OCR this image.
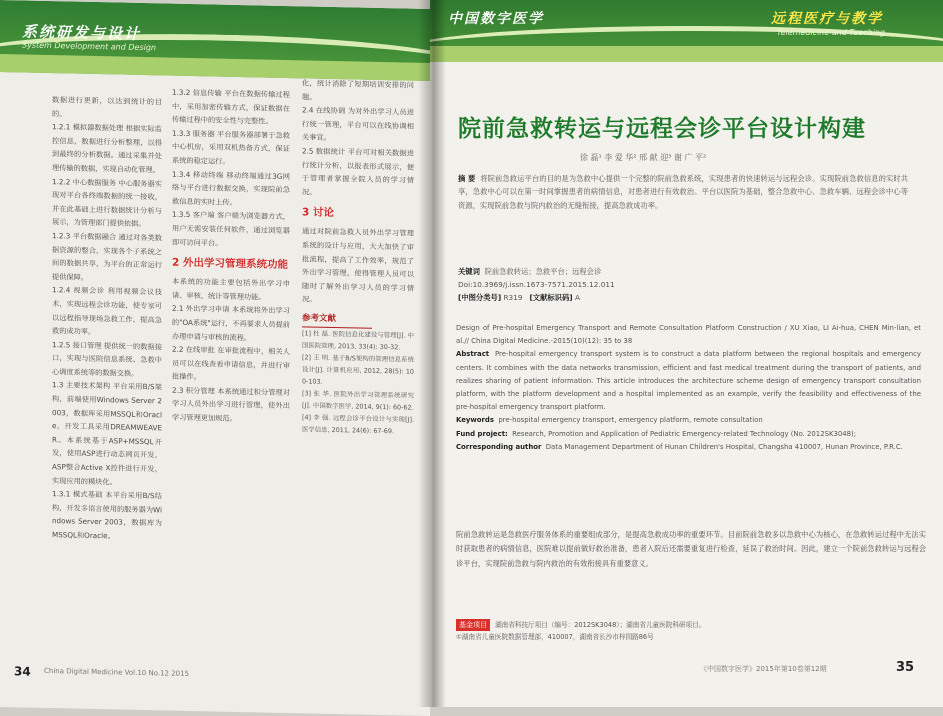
系统研发与设计
System Development and Design

数据进行更新，以达到统计的目的。

1.2.1 模拟器数据处理 根据实际监控信息，数据进行分析整理，以得到最终的分析数据。通过采集并处理传输的数据，实现自动化管理。

1.2.2 中心数据服务 中心服务器实现对平台各终端数据的统一接收，并在此基础上进行数据统计分析与展示，为管理部门提供依据。

1.2.3 平台数据融合 通过对各类数据资源的整合，实现各个子系统之间的数据共享，为平台的正常运行提供保障。

1.2.4 视频会诊 利用视频会议技术，实现远程会诊功能，使专家可以远程指导现场急救工作，提高急救的成功率。

1.2.5 接口管理 提供统一的数据接口，实现与医院信息系统、急救中心调度系统等的数据交换。

1.3 主要技术架构 平台采用B/S架构，前端使用Windows Server 2003，数据库采用MSSQL和Oracle，开发工具采用DREAMWEAVER。本系统基于ASP+MSSQL开发，使用ASP进行动态网页开发，ASP整合Active X控件进行开发，实现应用的模块化。

1.3.1 模式基础 本平台采用B/S结构，开发多语言使用的服务器为Windows Server 2003，数据库为MSSQL和Oracle。

1.3.2 信息传输 平台在数据传输过程中，采用加密传输方式，保证数据在传输过程中的安全性与完整性。

1.3.3 服务器 平台服务器部署于急救中心机房，采用双机热备方式，保证系统的稳定运行。

1.3.4 移动终端 移动终端通过3G网络与平台进行数据交换，实现院前急救信息的实时上传。

1.3.5 客户端 客户端为浏览器方式，用户无需安装任何软件，通过浏览器即可访问平台。

2 外出学习管理系统功能

本系统的功能主要包括外出学习申请、审核、统计等管理功能。

2.1 外出学习申请 本系统将外出学习的"OA系统"运行，不再要求人员提前办理申请与审核的流程。

2.2 在线审批 在审批流程中，相关人员可以在线查看申请信息，并进行审批操作。

2.3 积分管理 本系统通过积分管理对学习人员外出学习进行管理，使外出学习管理更加规范。

化，统计消除了短期培训安排的问题。

2.4 在线协调 为对外出学习人员进行统一管理，平台可以在线协调相关事宜。

2.5 数据统计 平台可对相关数据进行统计分析，以报表形式展示，便于管理者掌握全院人员的学习情况。

3 讨论

通过对院前急救人员外出学习管理系统的设计与应用，大大加快了审批流程，提高了工作效率，规范了外出学习管理，使得管理人员可以随时了解外出学习人员的学习情况。

参考文献

[1] 杜 磊. 医院信息化建设与管理[J]. 中国医院管理, 2013, 33(4): 30-32.

[2] 王 明. 基于B/S架构的管理信息系统设计[J]. 计算机应用, 2012, 28(5): 100-103.

[3] 张 华. 医院外出学习管理系统研究[J]. 中国数字医学, 2014, 9(1): 60-62.

[4] 李 强. 远程会诊平台设计与实现[J]. 医学信息, 2011, 24(6): 67-69.

34 China Digital Medicine Vol.10 No.12 2015
中国数字医学	远程医疗与教学
Telemedicine and Teaching
院前急救转运与远程会诊平台设计构建
徐 磊¹ 李 爱 华² 邢 献 迎³ 谢 广 平²
摘 要 将院前急救运平台的目的是为急救中心提供一个完整的院前急救系统，实现患者的快速转运与远程会诊。实现院前急救信息的实时共享，急救中心可以在第一时间掌握患者的病情信息，对患者进行有效救治。平台以医院为基础，整合急救中心、急救车辆、远程会诊中心等资源，实现院前急救与院内救治的无缝衔接，提高急救成功率。
关键词 院前急救转运；急救平台；远程会诊
Doi:10.3969/j.issn.1673-7571.2015.12.011
[中图分类号] R319 [文献标识码] A
Design of Pre-hospital Emergency Transport and Remote Consultation Platform Construction / XU Xiao, LI Ai-hua, CHEN Min-lian, et al.// China Digital Medicine.-2015(10)(12): 35 to 38
Abstract Pre-hospital emergency transport system is to construct a data platform between the regional hospitals and emergency centers. It combines with the data networks transmission, efficient and fast medical treatment during the transport of patients, and realizes sharing of patient information. This article introduces the architecture scheme design of emergency transport consultation platform, with the platform development and a hospital implemented as an example, verify the feasibility and effectiveness of the pre-hospital emergency transport platform.
Keywords pre-hospital emergency transport, emergency platform, remote consultation
Fund project: Research, Promotion and Application of Pediatric Emergency-related Technology (No. 2012SK3048);
Corresponding author Data Management Department of Hunan Children's Hospital, Changsha 410007, Hunan Province, P.R.C.
院前急救转运是急救医疗服务体系的重要组成部分，是提高急救成功率的重要环节。目前院前急救多以急救中心为核心，在急救转运过程中无法实时获取患者的病情信息，医院难以提前做好救治准备，患者入院后还需要重复进行检查，延误了救治时间。因此，建立一个院前急救转运与远程会诊平台，实现院前急救与院内救治的有效衔接具有重要意义。
基金项目 湖南省科技厅项目（编号：2012SK3048）；湖南省儿童医院科研项目。
①湖南省儿童医院数据管理部，410007，湖南省长沙市梓园路86号
《中国数字医学》2015年第10卷第12期	35
